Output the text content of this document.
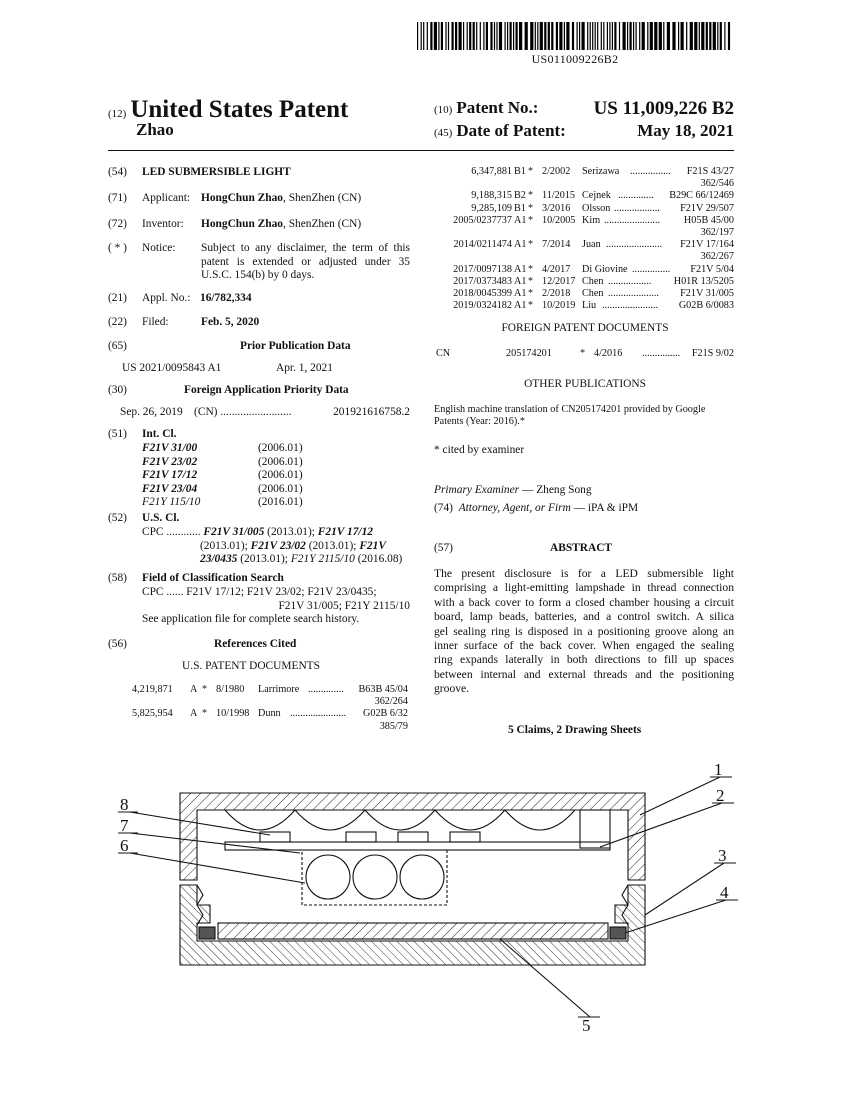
US011009226B2
(12) United States Patent
Zhao
(10) Patent No.:	US 11,009,226 B2
(45) Date of Patent:	May 18, 2021
(54) LED SUBMERSIBLE LIGHT
(71) Applicant: HongChun Zhao, ShenZhen (CN)
(72) Inventor: HongChun Zhao, ShenZhen (CN)
( * ) Notice: Subject to any disclaimer, the term of this
patent is extended or adjusted under 35
U.S.C. 154(b) by 0 days.
(21) Appl. No.: 16/782,334
(22) Filed:	Feb. 5, 2020
(65)	Prior Publication Data
US 2021/0095843 A1	Apr. 1, 2021
(30)	Foreign Application Priority Data
Sep. 26, 2019 (CN) .........................	201921616758.2
(51) Int. Cl.
F21V 31/00	(2006.01)
F21V 23/02	(2006.01)
F21V 17/12	(2006.01)
F21V 23/04	(2006.01)
F21Y 115/10	(2016.01)
(52) U.S. Cl.
CPC ............ F21V 31/005 (2013.01); F21V 17/12
(2013.01); F21V 23/02 (2013.01); F21V
23/0435 (2013.01); F21Y 2115/10 (2016.08)
(58) Field of Classification Search
CPC ...... F21V 17/12; F21V 23/02; F21V 23/0435;
F21V 31/005; F21Y 2115/10
See application file for complete search history.
(56)	References Cited
U.S. PATENT DOCUMENTS
4,219,871 A * 8/1980 Larrimore .............. B63B 45/04
362/264
5,825,954 A * 10/1998 Dunn ...................... G02B 6/32
385/79
6,347,881 B1 * 2/2002 Serizawa ................ F21S 43/27
362/546
9,188,315 B2 * 11/2015 Cejnek .............. B29C 66/12469
9,285,109 B1 * 3/2016 Olsson .................. F21V 29/507
2005/0237737 A1 * 10/2005 Kim ...................... H05B 45/00
362/197
2014/0211474 A1 * 7/2014 Juan ...................... F21V 17/164
362/267
2017/0097138 A1 * 4/2017 Di Giovine ............... F21V 5/04
2017/0373483 A1 * 12/2017 Chen ................. H01R 13/5205
2018/0045399 A1 * 2/2018 Chen .................... F21V 31/005
2019/0324182 A1 * 10/2019 Liu ...................... G02B 6/0083
FOREIGN PATENT DOCUMENTS
CN	205174201	* 4/2016 ............... F21S 9/02
OTHER PUBLICATIONS
English machine translation of CN205174201 provided by Google
Patents (Year: 2016).*
* cited by examiner
Primary Examiner — Zheng Song
(74) Attorney, Agent, or Firm — iPA & iPM
(57)	ABSTRACT
The present disclosure is for a LED submersible light
comprising a light-emitting lampshade in thread connection
with a back cover to form a closed chamber housing a circuit
board, lamp beads, batteries, and a control switch. A silica
gel sealing ring is disposed in a positioning groove along an
inner surface of the back cover. When engaged the sealing
ring expands laterally in both directions to fill up spaces
between internal and external threads and the positioning
groove.
5 Claims, 2 Drawing Sheets
8
7
6
1
2
3
4
5
